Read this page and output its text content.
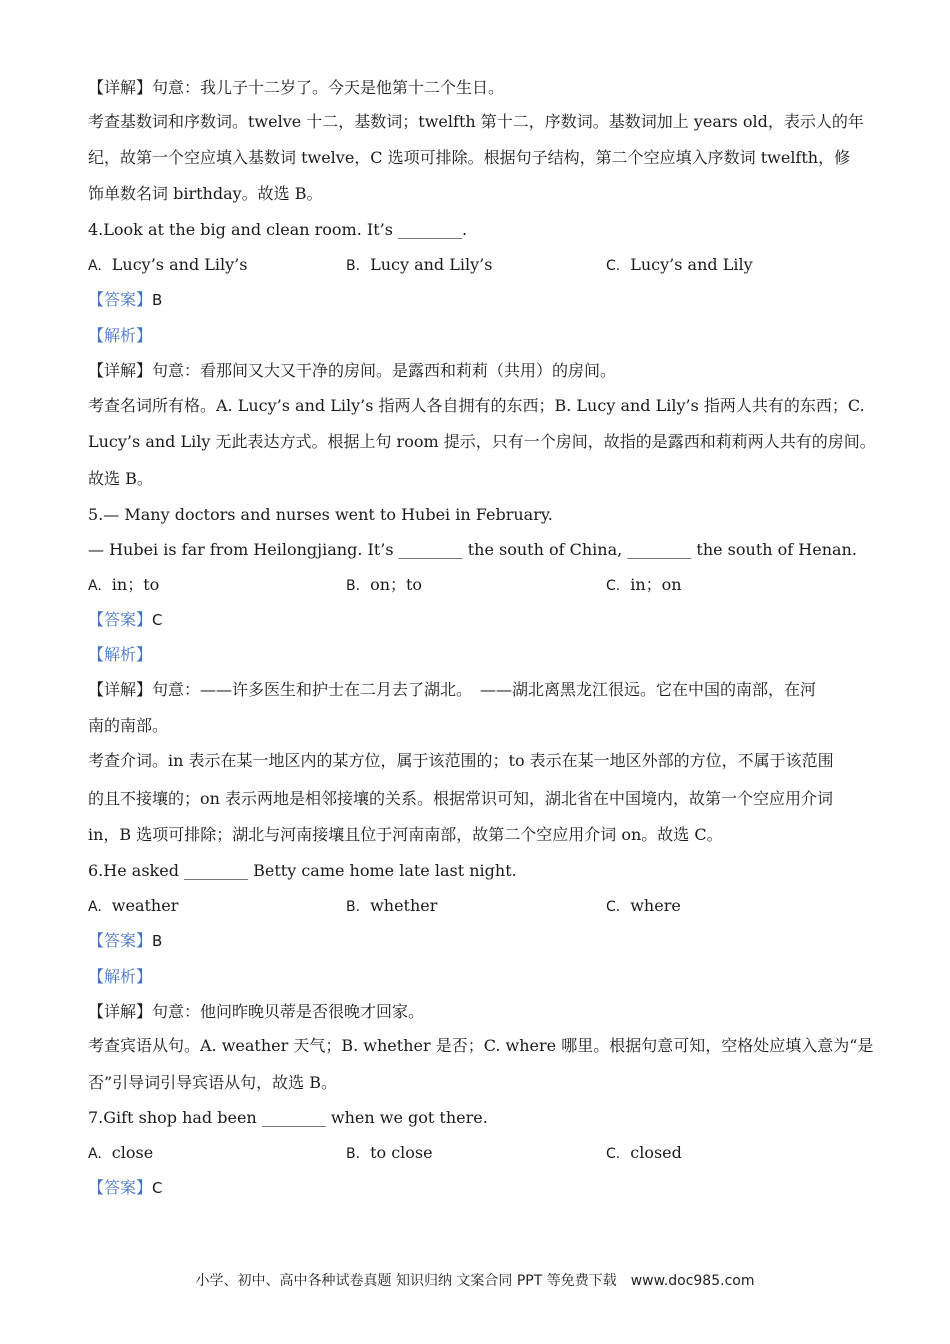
【详解】句意：我儿子十二岁了。今天是他第十二个生日。
考查基数词和序数词。twelve 十二，基数词；twelfth 第十二，序数词。基数词加上 years old，表示人的年
纪，故第一个空应填入基数词 twelve，C 选项可排除。根据句子结构，第二个空应填入序数词 twelfth，修
饰单数名词 birthday。故选 B。
4.Look at the big and clean room. It’s ________.
A. Lucy’s and Lily’s	B. Lucy and Lily’s	C. Lucy’s and Lily
【答案】B
【解析】
【详解】句意：看那间又大又干净的房间。是露西和莉莉（共用）的房间。
考查名词所有格。A. Lucy’s and Lily’s 指两人各自拥有的东西；B. Lucy and Lily’s 指两人共有的东西；C.
Lucy’s and Lily 无此表达方式。根据上句 room 提示，只有一个房间，故指的是露西和莉莉两人共有的房间。
故选 B。
5.— Many doctors and nurses went to Hubei in February.
— Hubei is far from Heilongjiang. It’s ________ the south of China, ________ the south of Henan.
A. in；to	B. on；to	C. in；on
【答案】C
【解析】
【详解】句意：——许多医生和护士在二月去了湖北。　——湖北离黑龙江很远。它在中国的南部，在河
南的南部。
考查介词。in 表示在某一地区内的某方位，属于该范围的；to 表示在某一地区外部的方位，不属于该范围
的且不接壤的；on 表示两地是相邻接壤的关系。根据常识可知，湖北省在中国境内，故第一个空应用介词
in，B 选项可排除；湖北与河南接壤且位于河南南部，故第二个空应用介词 on。故选 C。
6.He asked ________ Betty came home late last night.
A. weather	B. whether	C. where
【答案】B
【解析】
【详解】句意：他问昨晚贝蒂是否很晚才回家。
考查宾语从句。A. weather 天气；B. whether 是否；C. where 哪里。根据句意可知，空格处应填入意为“是
否”引导词引导宾语从句，故选 B。
7.Gift shop had been ________ when we got there.
A. close	B. to close	C. closed
【答案】C
小学、初中、高中各种试卷真题 知识归纳 文案合同 PPT 等免费下载　www.doc985.com
